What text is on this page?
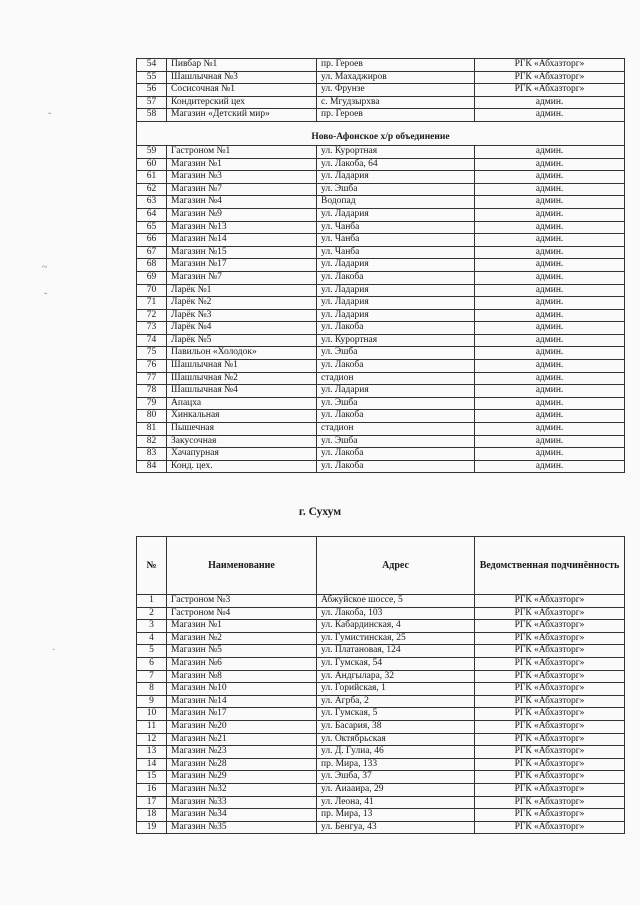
ˇ
~
˘
·
54	Пивбар №1	пр. Героев	РГК «Абхазторг»
55	Шашлычная №3	ул. Махаджиров	РГК «Абхазторг»
56	Сосисочная №1	ул. Фрунзе	РГК «Абхазторг»
57	Кондитерский цех	с. Мгудзырхва	админ.
58	Магазин «Детский мир»	пр. Героев	админ.
Ново-Афонское х/р объединение			
59	Гастроном №1	ул. Курортная	админ.
60	Магазин №1	ул. Лакоба, 64	админ.
61	Магазин №3	ул. Ладария	админ.
62	Магазин №7	ул. Эшба	админ.
63	Магазин №4	Водопад	админ.
64	Магазин №9	ул. Ладария	админ.
65	Магазин №13	ул. Чанба	админ.
66	Магазин №14	ул. Чанба	админ.
67	Магазин №15	ул. Чанба	админ.
68	Магазин №17	ул. Ладария	админ.
69	Магазин №7	ул. Лакоба	админ.
70	Ларёк №1	ул. Ладария	админ.
71	Ларёк №2	ул. Ладария	админ.
72	Ларёк №3	ул. Ладария	админ.
73	Ларёк №4	ул. Лакоба	админ.
74	Ларёк №5	ул. Курортная	админ.
75	Павильон «Холодок»	ул. Эшба	админ.
76	Шашлычная №1	ул. Лакоба	админ.
77	Шашлычная №2	стадион	админ.
78	Шашлычная №4	ул. Ладария	админ.
79	Апацха	ул. Эшба	админ.
80	Хинкальная	ул. Лакоба	админ.
81	Пышечная	стадион	админ.
82	Закусочная	ул. Эшба	админ.
83	Хачапурная	ул. Лакоба	админ.
84	Конд. цех.	ул. Лакоба	админ.
г. Сухум
№	Наименование	Адрес	Ведомственная подчинённость
1	Гастроном №3	Абжуйское шоссе, 5	РГК «Абхазторг»
2	Гастроном №4	ул. Лакоба, 103	РГК «Абхазторг»
3	Магазин №1	ул. Кабардинская, 4	РГК «Абхазторг»
4	Магазин №2	ул. Гумистинская, 25	РГК «Абхазторг»
5	Магазин №5	ул. Платановая, 124	РГК «Абхазторг»
6	Магазин №6	ул. Гумская, 54	РГК «Абхазторг»
7	Магазин №8	ул. Андгылара, 32	РГК «Абхазторг»
8	Магазин №10	ул. Горийская, 1	РГК «Абхазторг»
9	Магазин №14	ул. Агрба, 2	РГК «Абхазторг»
10	Магазин №17	ул. Гумская, 5	РГК «Абхазторг»
11	Магазин №20	ул. Басария, 38	РГК «Абхазторг»
12	Магазин №21	ул. Октябрьская	РГК «Абхазторг»
13	Магазин №23	ул. Д. Гулиа, 46	РГК «Абхазторг»
14	Магазин №28	пр. Мира, 133	РГК «Абхазторг»
15	Магазин №29	ул. Эшба, 37	РГК «Абхазторг»
16	Магазин №32	ул. Аиааира, 29	РГК «Абхазторг»
17	Магазин №33	ул. Леона, 41	РГК «Абхазторг»
18	Магазин №34	пр. Мира, 13	РГК «Абхазторг»
19	Магазин №35	ул. Бенгуа, 43	РГК «Абхазторг»
